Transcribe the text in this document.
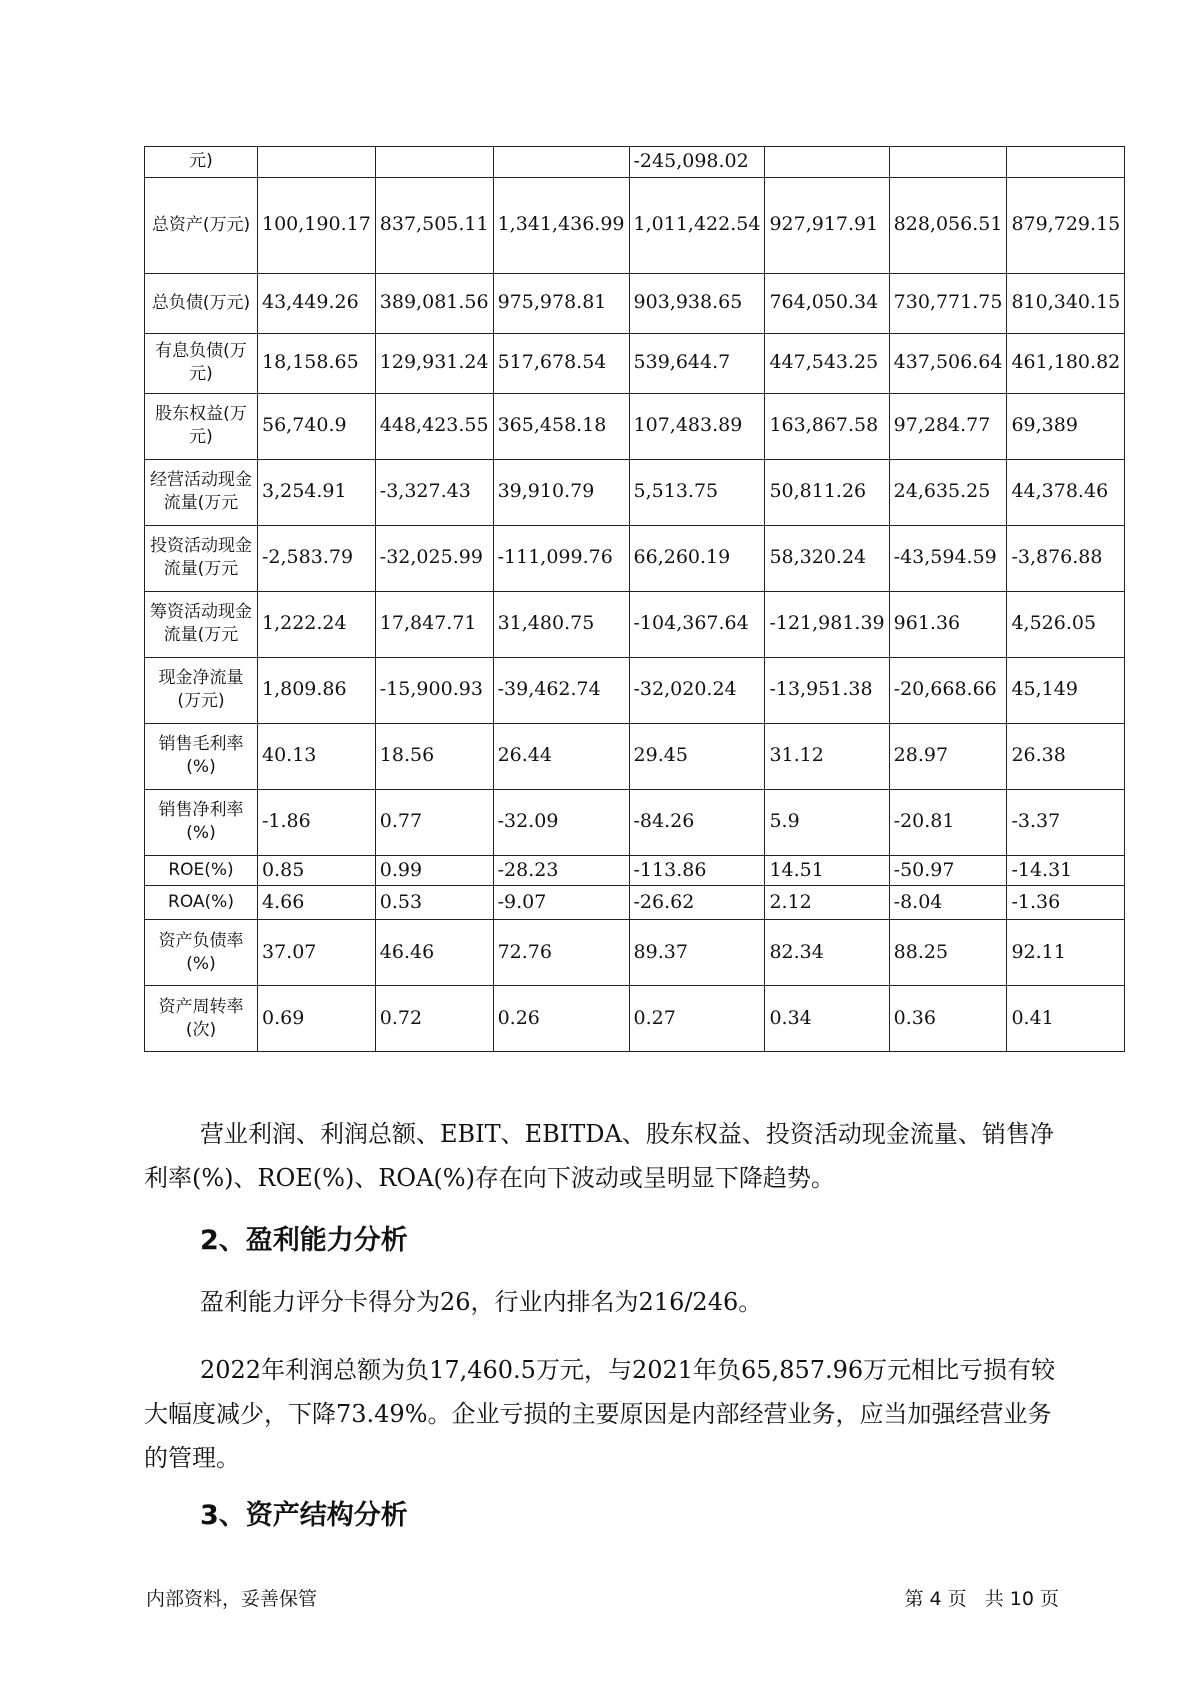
元)				-245,098.02			
总资产(万元)	100,190.17	837,505.11	1,341,436.99	1,011,422.54	927,917.91	828,056.51	879,729.15
总负债(万元)	43,449.26	389,081.56	975,978.81	903,938.65	764,050.34	730,771.75	810,340.15
有息负债(万元)	18,158.65	129,931.24	517,678.54	539,644.7	447,543.25	437,506.64	461,180.82
股东权益(万元)	56,740.9	448,423.55	365,458.18	107,483.89	163,867.58	97,284.77	69,389
经营活动现金流量(万元	3,254.91	-3,327.43	39,910.79	5,513.75	50,811.26	24,635.25	44,378.46
投资活动现金流量(万元	-2,583.79	-32,025.99	-111,099.76	66,260.19	58,320.24	-43,594.59	-3,876.88
筹资活动现金流量(万元	1,222.24	17,847.71	31,480.75	-104,367.64	-121,981.39	961.36	4,526.05
现金净流量(万元)	1,809.86	-15,900.93	-39,462.74	-32,020.24	-13,951.38	-20,668.66	45,149
销售毛利率(%)	40.13	18.56	26.44	29.45	31.12	28.97	26.38
销售净利率(%)	-1.86	0.77	-32.09	-84.26	5.9	-20.81	-3.37
ROE(%)	0.85	0.99	-28.23	-113.86	14.51	-50.97	-14.31
ROA(%)	4.66	0.53	-9.07	-26.62	2.12	-8.04	-1.36
资产负债率(%)	37.07	46.46	72.76	89.37	82.34	88.25	92.11
资产周转率(次)	0.69	0.72	0.26	0.27	0.34	0.36	0.41

营业利润、利润总额、EBIT、EBITDA、股东权益、投资活动现金流量、销售净利率(%)、ROE(%)、ROA(%)存在向下波动或呈明显下降趋势。

2、盈利能力分析

盈利能力评分卡得分为26，行业内排名为216/246。

2022年利润总额为负17,460.5万元，与2021年负65,857.96万元相比亏损有较大幅度减少，下降73.49%。企业亏损的主要原因是内部经营业务，应当加强经营业务的管理。

3、资产结构分析
内部资料，妥善保管	第 4 页   共 10 页
